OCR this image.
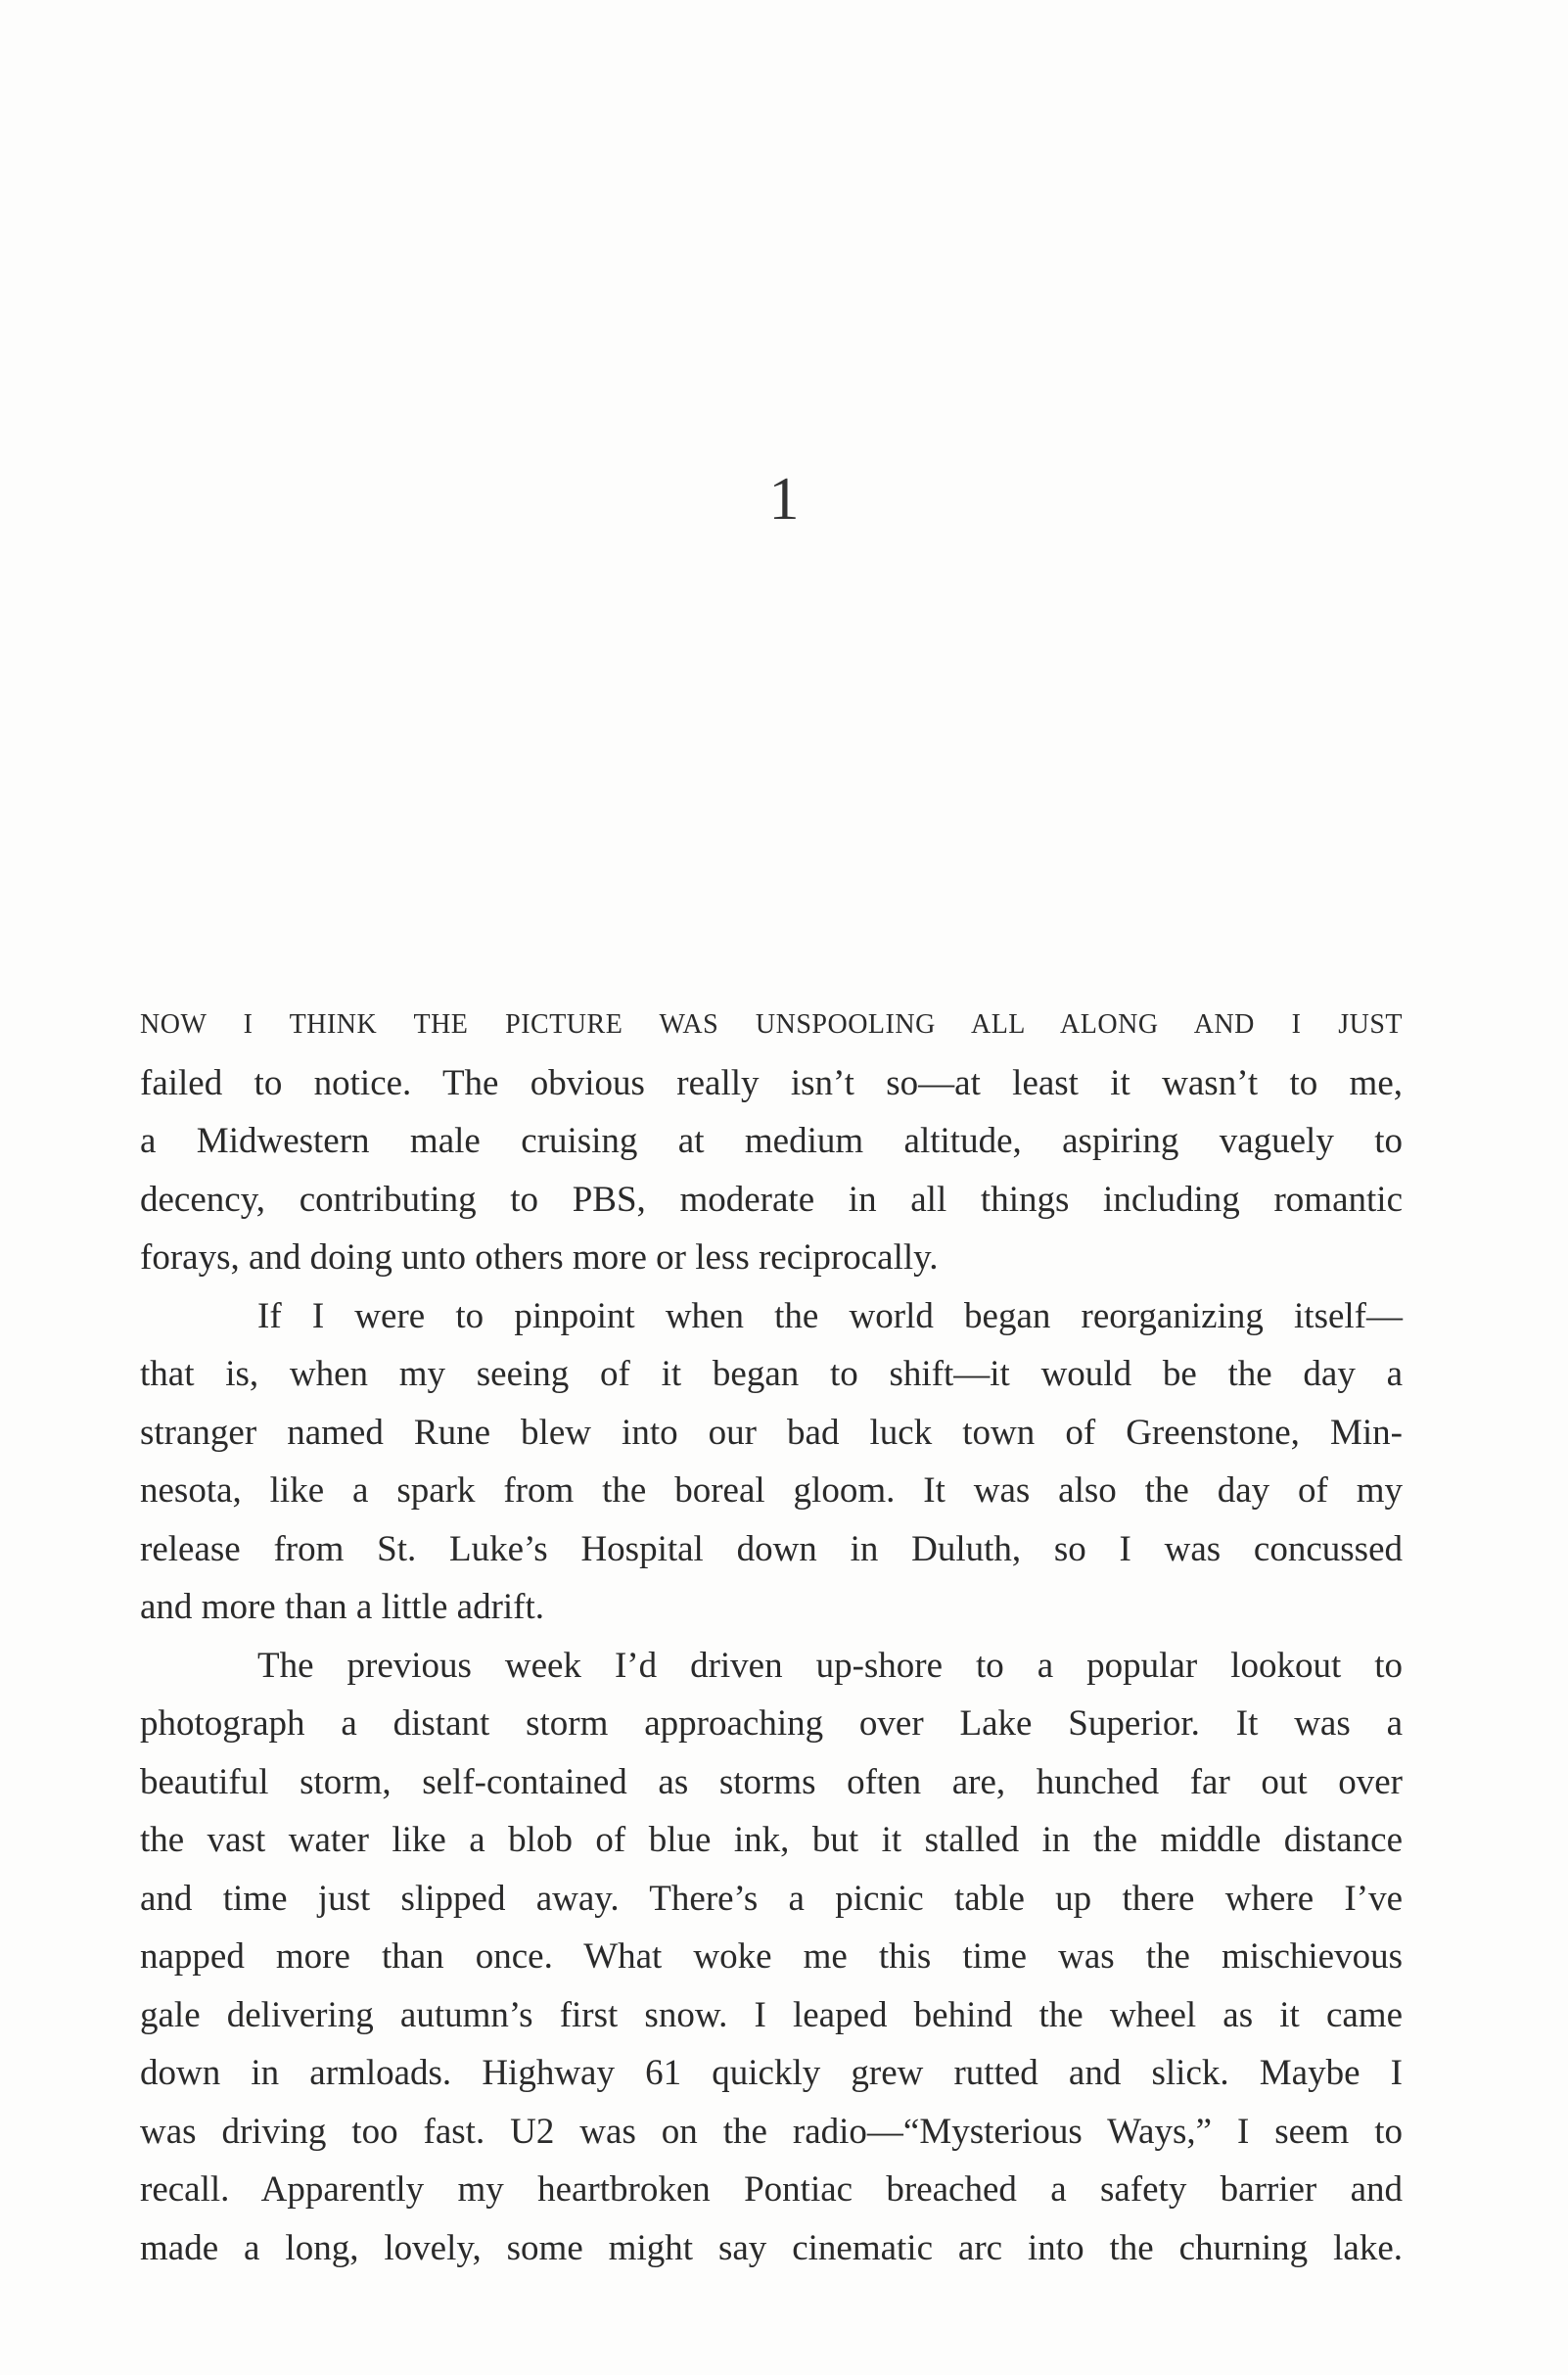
1
NOW I THINK THE PICTURE WAS UNSPOOLING ALL ALONG AND I JUST
failed to notice. The obvious really isn’t so—at least it wasn’t to me,
a Midwestern male cruising at medium altitude, aspiring vaguely to
decency, contributing to PBS, moderate in all things including romantic
forays, and doing unto others more or less reciprocally.
If I were to pinpoint when the world began reorganizing itself—
that is, when my seeing of it began to shift—it would be the day a
stranger named Rune blew into our bad luck town of Greenstone, Min-
nesota, like a spark from the boreal gloom. It was also the day of my
release from St. Luke’s Hospital down in Duluth, so I was concussed
and more than a little adrift.
The previous week I’d driven up-shore to a popular lookout to
photograph a distant storm approaching over Lake Superior. It was a
beautiful storm, self-contained as storms often are, hunched far out over
the vast water like a blob of blue ink, but it stalled in the middle distance
and time just slipped away. There’s a picnic table up there where I’ve
napped more than once. What woke me this time was the mischievous
gale delivering autumn’s first snow. I leaped behind the wheel as it came
down in armloads. Highway 61 quickly grew rutted and slick. Maybe I
was driving too fast. U2 was on the radio—“Mysterious Ways,” I seem to
recall. Apparently my heartbroken Pontiac breached a safety barrier and
made a long, lovely, some might say cinematic arc into the churning lake.
